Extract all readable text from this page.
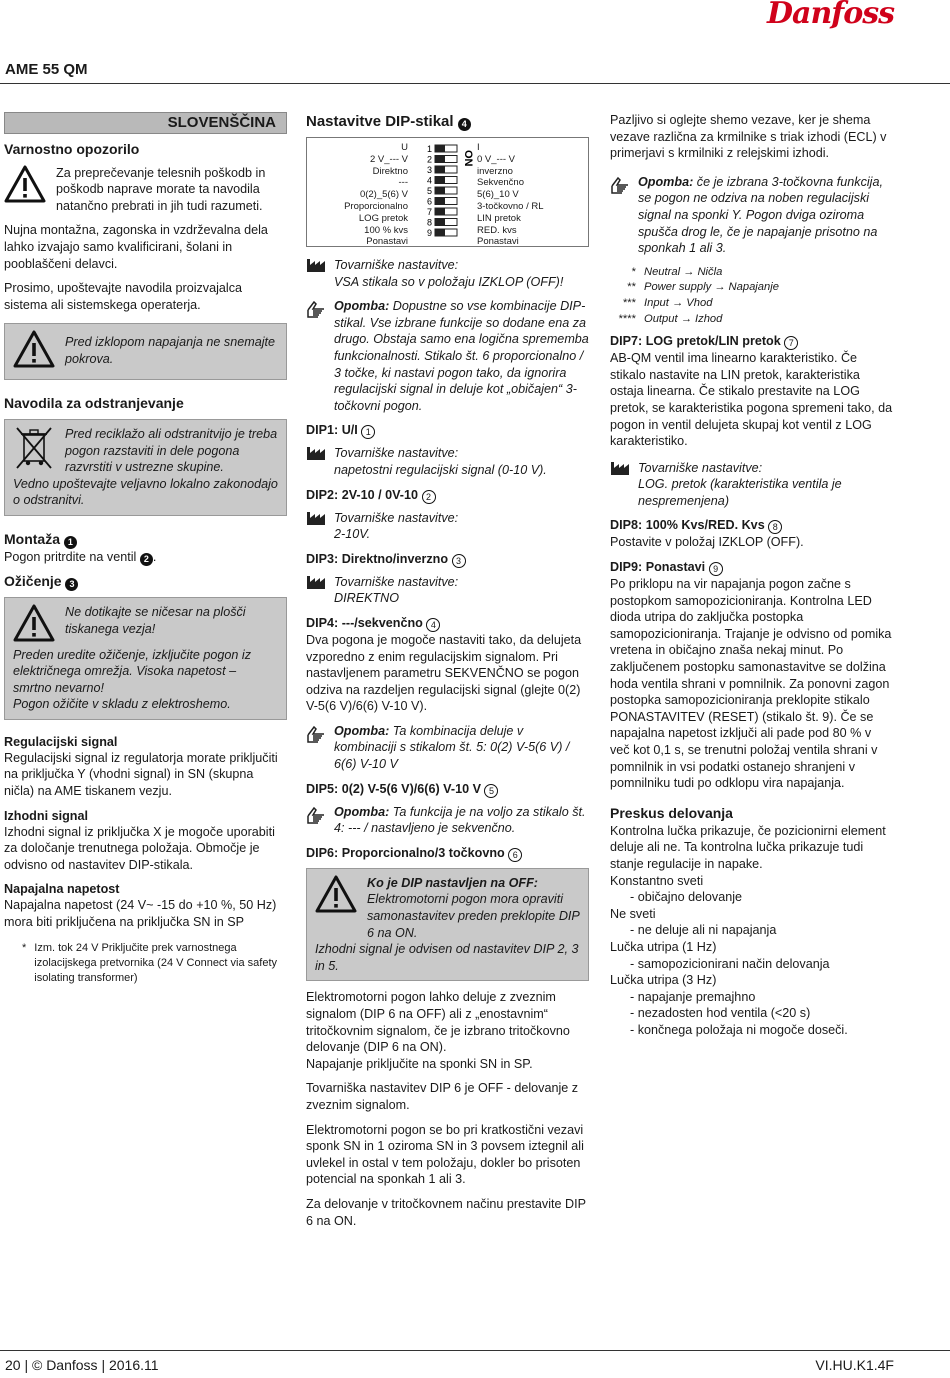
Danfoss
AME 55 QM
SLOVENŠČINA
Varnostno opozorilo

Za preprečevanje telesnih poškodb in poškodb naprave morate ta navodila natančno prebrati in jih tudi razumeti.

Nujna montažna, zagonska in vzdrževalna dela lahko izvajajo samo kvalificirani, šolani in pooblaščeni delavci.

Prosimo, upoštevajte navodila proizvajalca sistema ali sistemskega operaterja.

Pred izklopom napajanja ne snemajte pokrova.

Navodila za odstranjevanje

Pred reciklažo ali odstranitvijo je treba pogon razstaviti in dele pogona razvrstiti v ustrezne skupine.

Vedno upoštevajte veljavno lokalno zakonodajo o odstranitvi.

Montaža 1

Pogon pritrdite na ventil 2 .

Ožičenje 3

Ne dotikajte se ničesar na plošči tiskanega vezja!

Preden uredite ožičenje, izključite pogon iz električnega omrežja. Visoka napetost – smrtno nevarno!

Pogon ožičite v skladu z elektroshemo.

Regulacijski signal

Regulacijski signal iz regulatorja morate priključiti na priključka Y (vhodni signal) in SN (skupna ničla) na AME tiskanem vezju.

Izhodni signal

Izhodni signal iz priključka X je mogoče uporabiti za določanje trenutnega položaja. Območje je odvisno od nastavitev DIP-stikala.

Napajalna napetost

Napajalna napetost (24 V~ -15 do +10 %, 50 Hz) mora biti priključena na priključka SN in SP

* Izm. tok 24 V Priključite prek varnostnega izolacijskega pretvornika (24 V Connect via safety isolating transformer)

Nastavitve DIP-stikal 4
U
2 V_--- V
Direktno
---
0(2)_5(6) V
Proporcionalno
LOG pretok
100 % kvs
Ponastavi
ON
1
2
3
4
5
6
7
8
9
I
0 V_--- V
inverzno
Sekvenčno
5(6)_10 V
3-točkovno / RL
LIN pretok
RED. kvs
Ponastavi

Tovarniške nastavitve:

VSA stikala so v položaju IZKLOP (OFF)!

Opomba: Dopustne so vse kombinacije DIP-stikal. Vse izbrane funkcije so dodane ena za drugo. Obstaja samo ena logična sprememba funkcionalnosti. Stikalo št. 6 proporcionalno / 3 točke, ki nastavi pogon tako, da ignorira regulacijski signal in deluje kot „običajen“ 3-točkovni pogon.

DIP1: U/I 1

Tovarniške nastavitve:

napetostni regulacijski signal (0-10 V).

DIP2: 2V-10 / 0V-10 2

Tovarniške nastavitve:

2-10V.

DIP3: Direktno/inverzno 3

Tovarniške nastavitve:

DIREKTNO

DIP4: ---/sekvenčno 4

Dva pogona je mogoče nastaviti tako, da delujeta vzporedno z enim regulacijskim signalom. Pri nastavljenem parametru SEKVENČNO se pogon odziva na razdeljen regulacijski signal (glejte 0(2) V-5(6 V)/6(6) V-10 V).

Opomba: Ta kombinacija deluje v kombinaciji s stikalom št. 5: 0(2) V-5(6 V) / 6(6) V-10 V

DIP5: 0(2) V-5(6 V)/6(6) V-10 V 5

Opomba: Ta funkcija je na voljo za stikalo št. 4: --- / nastavljeno je sekvenčno.

DIP6: Proporcionalno/3 točkovno 6

Ko je DIP nastavljen na OFF:

Elektromotorni pogon mora opraviti samonastavitev preden preklopite DIP 6 na ON.

Izhodni signal je odvisen od nastavitev DIP 2, 3 in 5.

Elektromotorni pogon lahko deluje z zveznim signalom (DIP 6 na OFF) ali z „enostavnim“ tritočkovnim signalom, če je izbrano tritočkovno delovanje (DIP 6 na ON).

Napajanje priključite na sponki SN in SP.

Tovarniška nastavitev DIP 6 je OFF - delovanje z zveznim signalom.

Elektromotorni pogon se bo pri kratkostični vezavi sponk SN in 1 oziroma SN in 3 povsem iztegnil ali uvlekel in ostal v tem položaju, dokler bo prisoten potencial na sponkah 1 ali 3.

Za delovanje v tritočkovnem načinu prestavite DIP 6 na ON.

Pazljivo si oglejte shemo vezave, ker je shema vezave različna za krmilnike s triak izhodi (ECL) v primerjavi s krmilniki z relejskimi izhodi.

Opomba: če je izbrana 3-točkovna funkcija, se pogon ne odziva na noben regulacijski signal na sponki Y. Pogon dviga oziroma spušča drog le, če je napajanje prisotno na sponkah 1 ali 3.

* Neutral → Ničla
** Power supply → Napajanje
*** Input → Vhod
**** Output → Izhod
DIP7: LOG pretok/LIN pretok 7

AB-QM ventil ima linearno karakteristiko. Če stikalo nastavite na LIN pretok, karakteristika ostaja linearna. Če stikalo prestavite na LOG pretok, se karakteristika pogona spremeni tako, da pogon in ventil delujeta skupaj kot ventil z LOG karakteristiko.

Tovarniške nastavitve:

LOG. pretok (karakteristika ventila je nespremenjena)

DIP8: 100% Kvs/RED. Kvs 8

Postavite v položaj IZKLOP (OFF).

DIP9: Ponastavi 9

Po priklopu na vir napajanja pogon začne s postopkom samopozicioniranja. Kontrolna LED dioda utripa do zaključka postopka samopozicioniranja. Trajanje je odvisno od pomika vretena in običajno znaša nekaj minut. Po zaključenem postopku samonastavitve se dolžina hoda ventila shrani v pomnilnik. Za ponovni zagon postopka samopozicioniranja preklopite stikalo PONASTAVITEV (RESET) (stikalo št. 9). Če se napajalna napetost izključi ali pade pod 80 % v več kot 0,1 s, se trenutni položaj ventila shrani v pomnilnik in vsi podatki ostanejo shranjeni v pomnilniku tudi po odklopu vira napajanja.

Preskus delovanja

Kontrolna lučka prikazuje, če pozicionirni element deluje ali ne. Ta kontrolna lučka prikazuje tudi stanje regulacije in napake.

Konstantno sveti

- običajno delovanje

Ne sveti

- ne deluje ali ni napajanja

Lučka utripa (1 Hz)

- samopozicionirani način delovanja

Lučka utripa (3 Hz)

- napajanje premajhno

- nezadosten hod ventila (<20 s)

- končnega položaja ni mogoče doseči.

20 | © Danfoss | 2016.11	VI.HU.K1.4F
